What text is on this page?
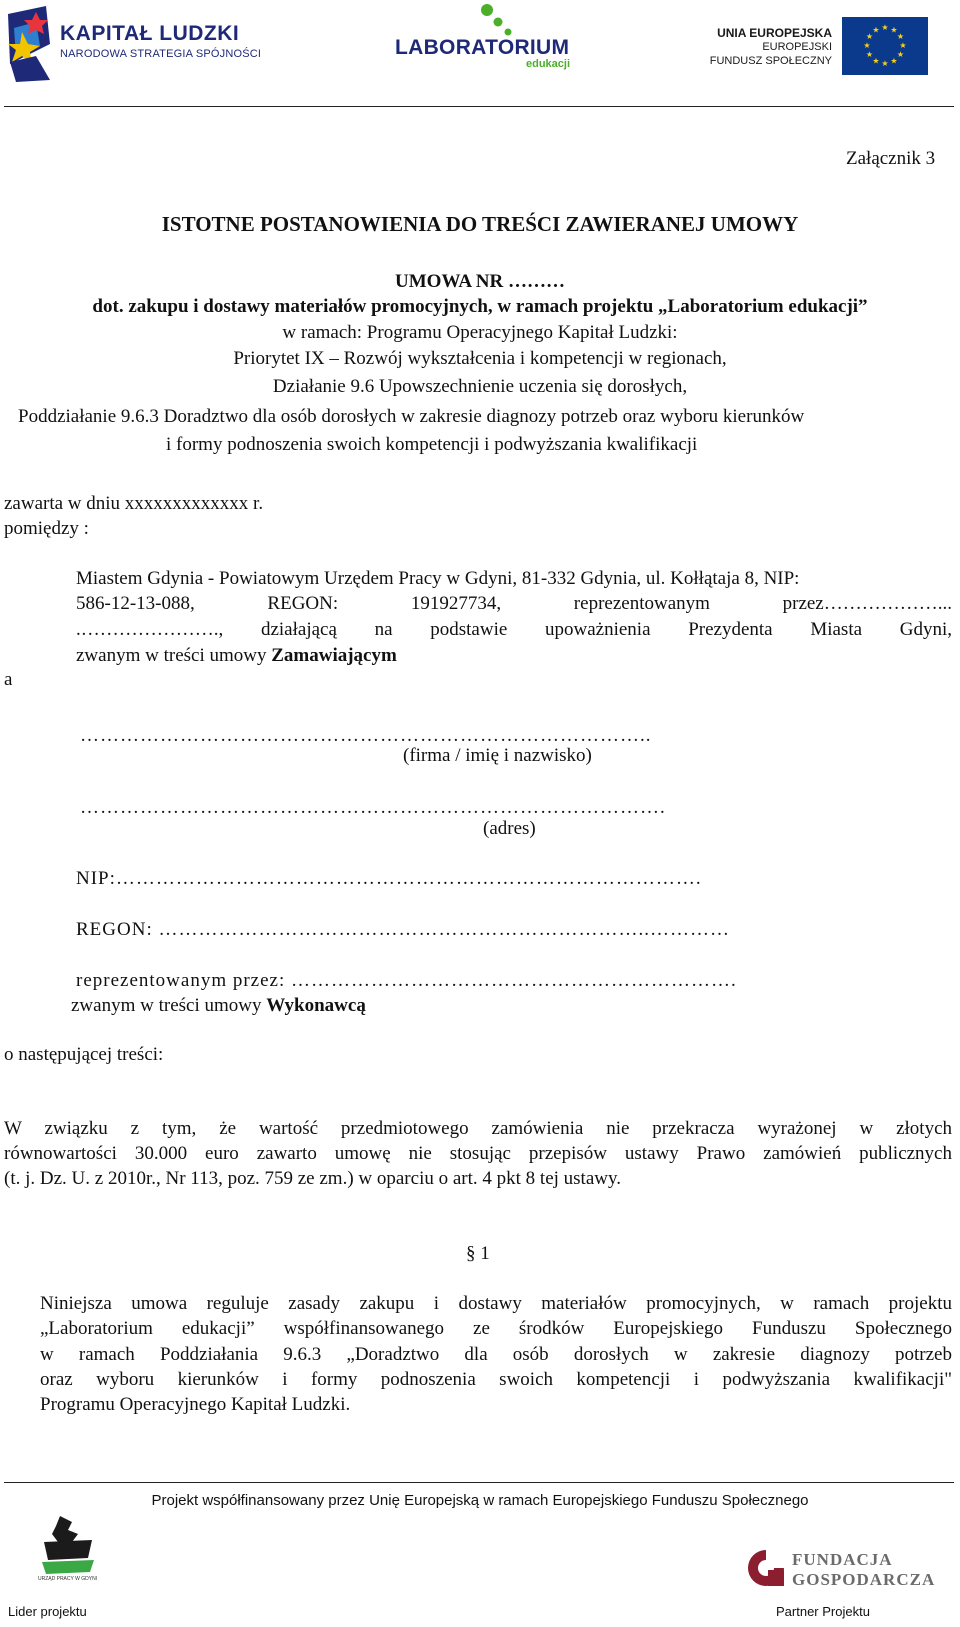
KAPITAŁ LUDZKI
NARODOWA STRATEGIA SPÓJNOŚCI	LABORATORIUM
edukacji
UNIA EUROPEJSKA
EUROPEJSKI
FUNDUSZ SPOŁECZNY
★ ★
★
★
★
★
★
★
★
★
★
★
Załącznik 3
ISTOTNE POSTANOWIENIA DO TREŚCI ZAWIERANEJ UMOWY
UMOWA NR ………
dot. zakupu i dostawy materiałów promocyjnych, w ramach projektu „Laboratorium edukacji”
w ramach: Programu Operacyjnego Kapitał Ludzki:
Priorytet IX – Rozwój wykształcenia i kompetencji w regionach,
Działanie 9.6 Upowszechnienie uczenia się dorosłych,
Poddziałanie 9.6.3 Doradztwo dla osób dorosłych w zakresie diagnozy potrzeb oraz wyboru kierunków
i formy podnoszenia swoich kompetencji i podwyższania kwalifikacji
zawarta w dniu xxxxxxxxxxxxx r.
pomiędzy :
Miastem Gdynia - Powiatowym Urzędem Pracy w Gdyni, 81-332 Gdynia, ul. Kołłątaja 8, NIP:
586-12-13-088, REGON: 191927734, reprezentowanym przez………………...
.…………………., działającą na podstawie upoważnienia Prezydenta Miasta Gdyni,
zwanym w treści umowy Zamawiającym
a
…………………………………………………………………………..
(firma / imię i nazwisko)
…………………………………………………………………………….
(adres)
NIP:…………………………………………………………………………….
REGON: ………………………………………………………………..…………
reprezentowanym przez: ………………………………………………………….
zwanym w treści umowy Wykonawcą
o następującej treści:
W związku z tym, że wartość przedmiotowego zamówienia nie przekracza wyrażonej w złotych
równowartości 30.000 euro zawarto umowę nie stosując przepisów ustawy Prawo zamówień publicznych
(t. j. Dz. U. z 2010r., Nr 113, poz. 759 ze zm.) w oparciu o art. 4 pkt 8 tej ustawy.
§ 1
Niniejsza umowa reguluje zasady zakupu i dostawy materiałów promocyjnych, w ramach projektu
„Laboratorium edukacji” współfinansowanego ze środków Europejskiego Funduszu Społecznego
w ramach Poddziałania 9.6.3 „Doradztwo dla osób dorosłych w zakresie diagnozy potrzeb
oraz wyboru kierunków i formy podnoszenia swoich kompetencji i podwyższania kwalifikacji"
Programu Operacyjnego Kapitał Ludzki.
Projekt współfinansowany przez Unię Europejską w ramach Europejskiego Funduszu Społecznego
URZĄD PRACY W GDYNI
FUNDACJA
GOSPODARCZA
Lider projektu	Partner Projektu
